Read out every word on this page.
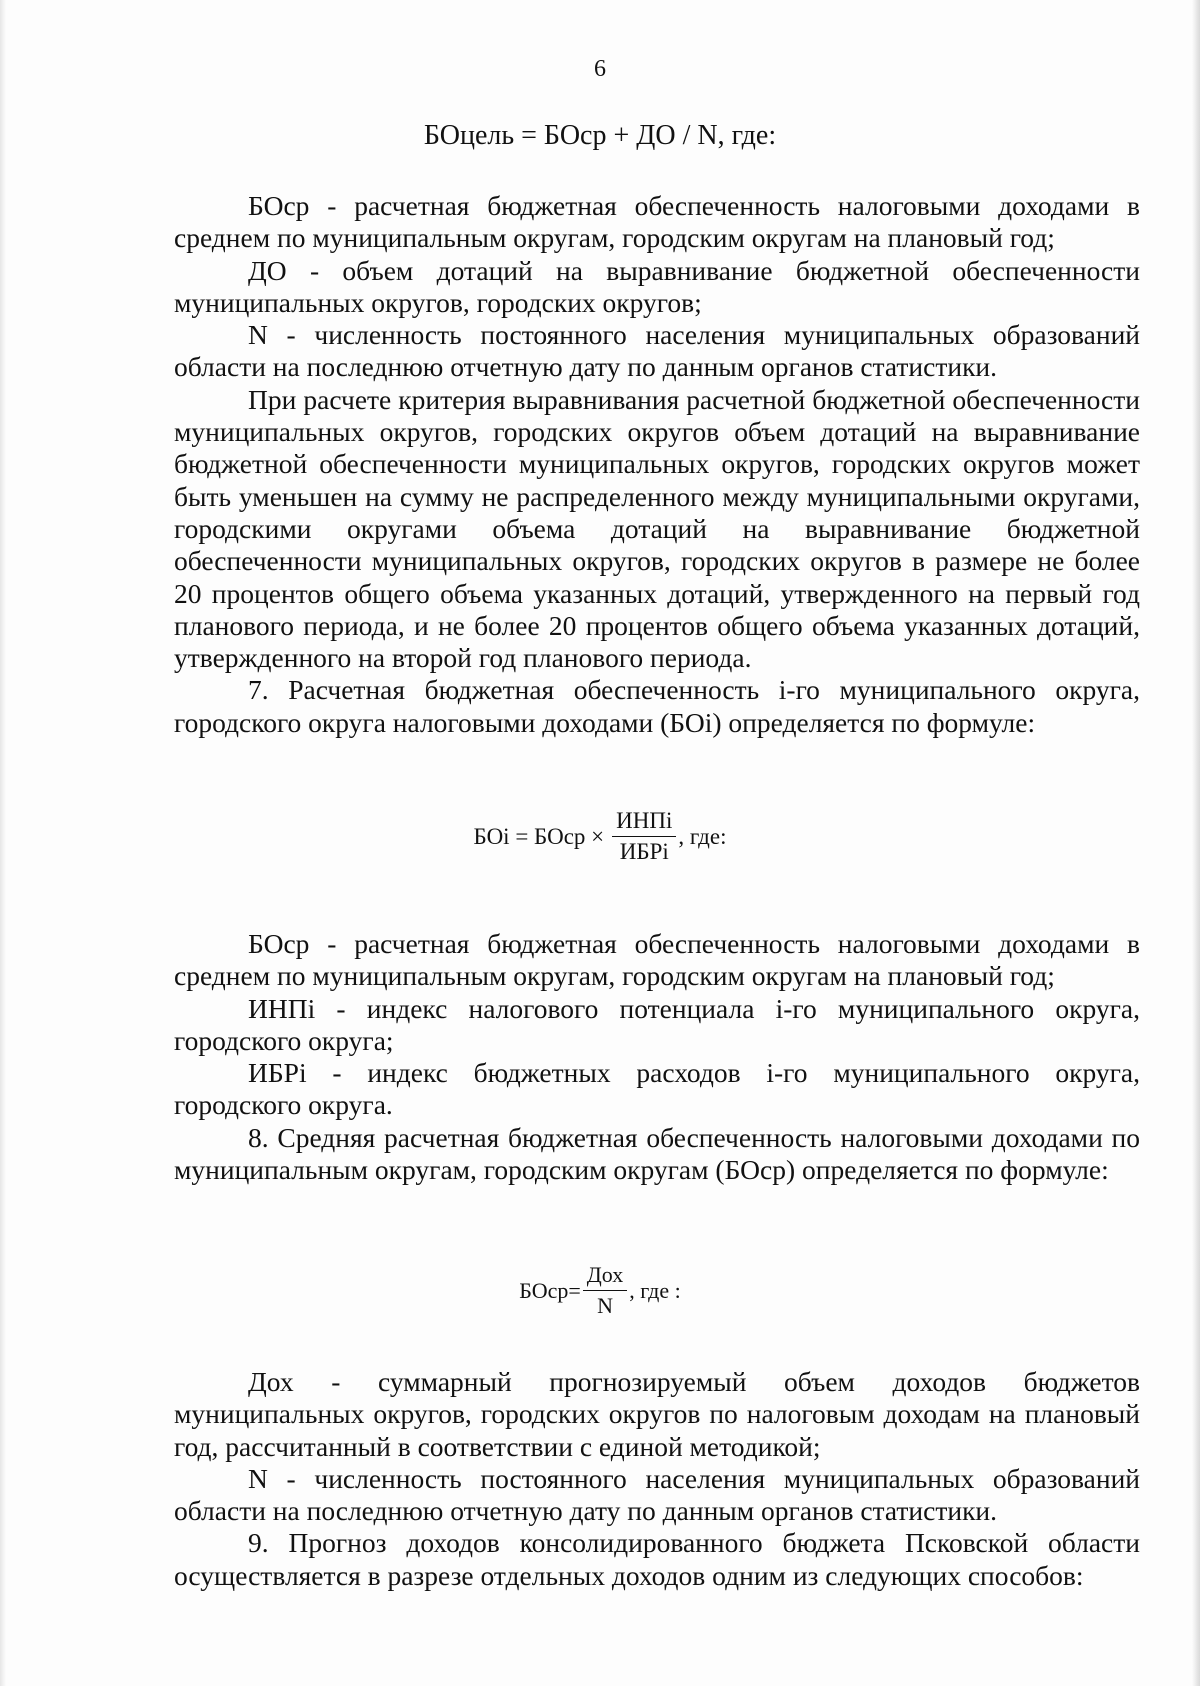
6
БОцель = БОср + ДО / N, где:

БОср - расчетная бюджетная обеспеченность налоговыми доходами в среднем по муниципальным округам, городским округам на плановый год;

ДО - объем дотаций на выравнивание бюджетной обеспеченности муниципальных округов, городских округов;

N - численность постоянного населения муниципальных образований области на последнюю отчетную дату по данным органов статистики.

При расчете критерия выравнивания расчетной бюджетной обеспеченности муниципальных округов, городских округов объем дотаций на выравнивание бюджетной обеспеченности муниципальных округов, городских округов может быть уменьшен на сумму не распределенного между муниципальными округами, городскими округами объема дотаций на выравнивание бюджетной обеспеченности муниципальных округов, городских округов в размере не более 20 процентов общего объема указанных дотаций, утвержденного на первый год планового периода, и не более 20 процентов общего объема указанных дотаций, утвержденного на второй год планового периода.

7. Расчетная бюджетная обеспеченность i-го муниципального округа, городского округа налоговыми доходами (БОi) определяется по формуле:

БОi = БОср × $\frac{\text{ИНПi}}{\text{ИБРi}}$ , где:

БОср - расчетная бюджетная обеспеченность налоговыми доходами в среднем по муниципальным округам, городским округам на плановый год;

ИНПi - индекс налогового потенциала i-го муниципального округа, городского округа;

ИБРi - индекс бюджетных расходов i-го муниципального округа, городского округа.

8. Средняя расчетная бюджетная обеспеченность налоговыми доходами по муниципальным округам, городским округам (БОср) определяется по формуле:

БОср= $\frac{\text{Дох}}{N}$ , где :

Дох - суммарный прогнозируемый объем доходов бюджетов муниципальных округов, городских округов по налоговым доходам на плановый год, рассчитанный в соответствии с единой методикой;

N - численность постоянного населения муниципальных образований области на последнюю отчетную дату по данным органов статистики.

9. Прогноз доходов консолидированного бюджета Псковской области осуществляется в разрезе отдельных доходов одним из следующих способов:
